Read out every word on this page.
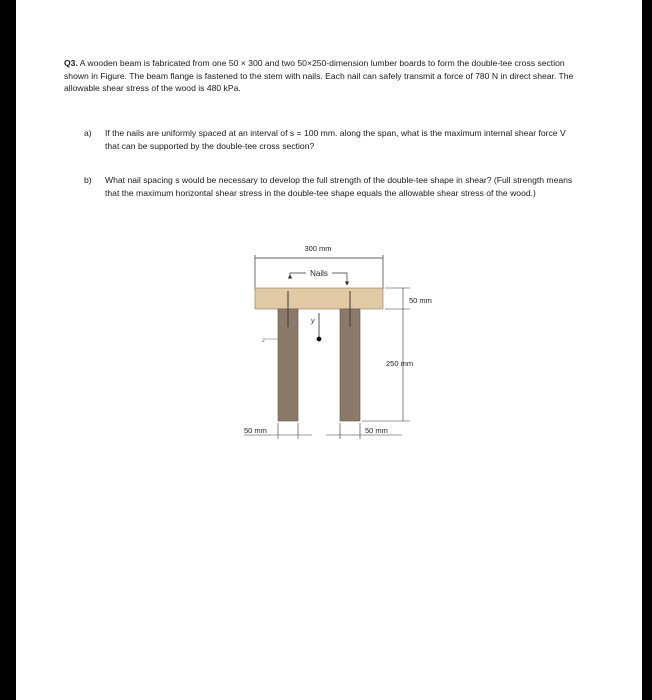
Q3. A wooden beam is fabricated from one 50 × 300 and two 50×250-dimension lumber boards to form the double-tee cross section shown in Figure. The beam flange is fastened to the stem with nails. Each nail can safely transmit a force of 780 N in direct shear. The allowable shear stress of the wood is 480 kPa.
a)	If the nails are uniformly spaced at an interval of s = 100 mm. along the span, what is the maximum internal shear force V that can be supported by the double-tee cross section?
b)	What nail spacing s would be necessary to develop the full strength of the double-tee shape in shear? (Full strength means that the maximum horizontal shear stress in the double-tee shape equals the allowable shear stress of the wood.)
300 mm
Nails
y
z
50 mm
250 mm
50 mm	50 mm
